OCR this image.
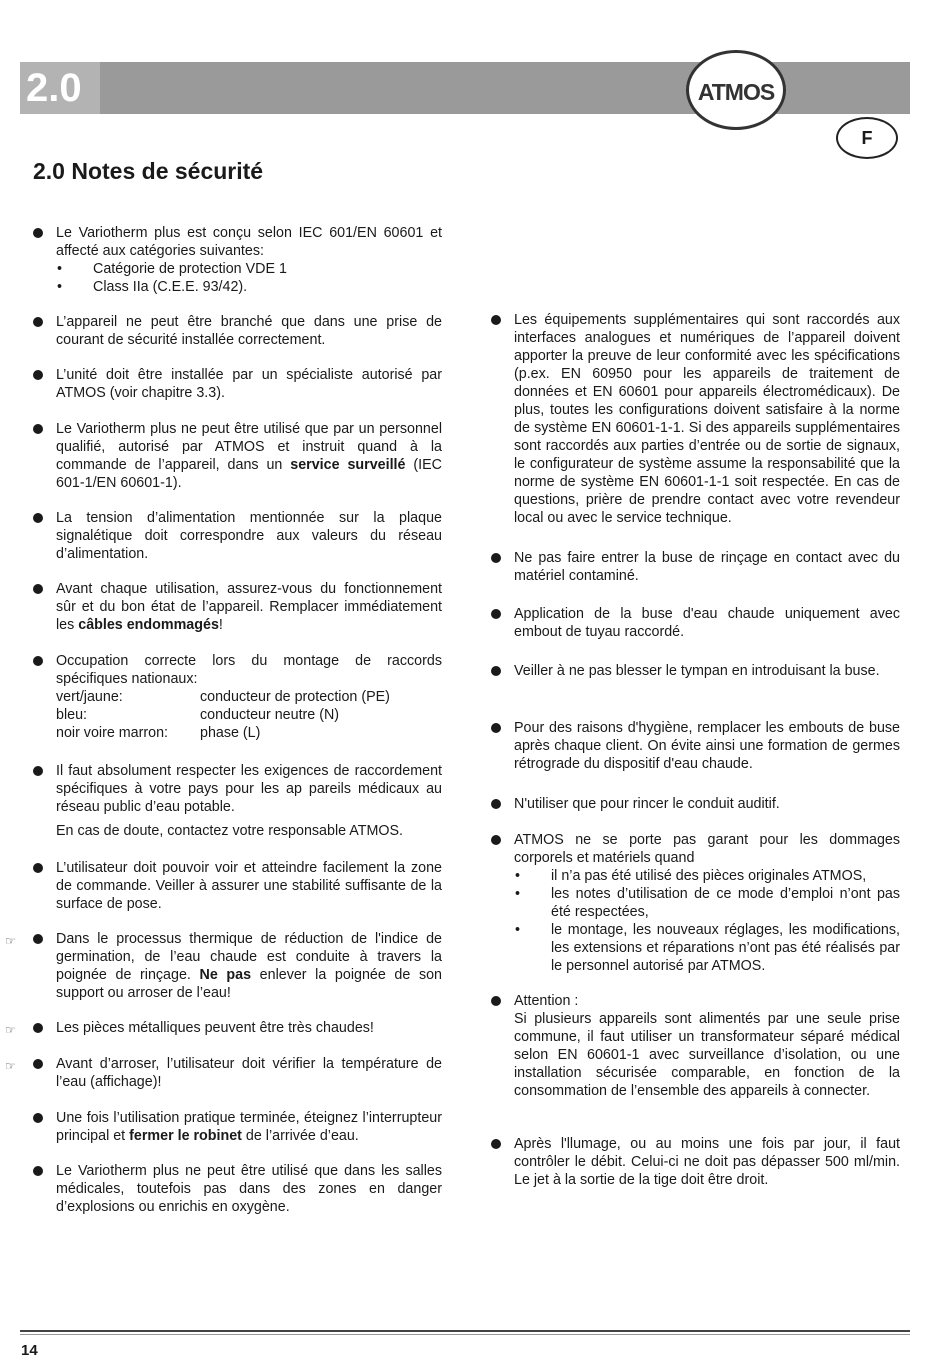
2.0	ATMOS
F
2.0 Notes de sécurité

Le Variotherm plus est conçu selon IEC 601/EN 60601 et affecté aux catégories suivantes:

• Catégorie de protection VDE 1
• Class IIa (C.E.E. 93/42).

L’appareil ne peut être branché que dans une prise de courant de sécurité installée correctement.

L’unité doit être installée par un spécialiste autorisé par ATMOS (voir chapitre 3.3).

Le Variotherm plus ne peut être utilisé que par un personnel qualifié, autorisé par ATMOS et instruit quand à la commande de l’appareil, dans un service surveillé (IEC 601-1/EN 60601-1).

La tension d’alimentation mentionnée sur la plaque signalétique doit correspondre aux valeurs du réseau d’alimentation.

Avant chaque utilisation, assurez-vous du fonctionnement sûr et du bon état de l’appareil. Remplacer immédiatement les câbles endommagés!

Occupation correcte lors du montage de raccords spécifiques nationaux:

vert/jaune:	conducteur de protection (PE)
bleu:	conducteur neutre (N)
noir voire marron:	phase (L)

Il faut absolument respecter les exigences de raccordement spécifiques à votre pays pour les ap pareils médicaux au réseau public d’eau potable.

En cas de doute, contactez votre responsable ATMOS.

L’utilisateur doit pouvoir voir et atteindre facilement la zone de commande. Veiller à assurer une stabilité suffisante de la surface de pose.

Dans le processus thermique de réduction de l'indice de germination, de l’eau chaude est conduite à travers la poignée de rinçage. Ne pas enlever la poignée de son support ou arroser de l’eau!

Les pièces métalliques peuvent être très chaudes!

Avant d’arroser, l’utilisateur doit vérifier la température de l’eau (affichage)!

Une fois l’utilisation pratique terminée, éteignez l’interrupteur principal et fermer le robinet de l’arrivée d’eau.

Le Variotherm plus ne peut être utilisé que dans les salles médicales, toutefois pas dans des zones en danger d’explosions ou enrichis en oxygène.

Les équipements supplémentaires qui sont raccordés aux interfaces analogues et numériques de l’appareil doivent apporter la preuve de leur conformité avec les spécifications (p.ex. EN 60950 pour les appareils de traitement de données et EN 60601 pour appareils électromédicaux). De plus, toutes les configurations doivent satisfaire à la norme de système EN 60601-1-1. Si des appareils supplémentaires sont raccordés aux parties d’entrée ou de sortie de signaux, le configurateur de système assume la responsabilité que la norme de système EN 60601-1-1 soit respectée. En cas de questions, prière de prendre contact avec votre revendeur local ou avec le service technique.

Ne pas faire entrer la buse de rinçage en contact avec du matériel contaminé.

Application de la buse d'eau chaude uniquement avec embout de tuyau raccordé.

Veiller à ne pas blesser le tympan en introduisant la buse.

Pour des raisons d'hygiène, remplacer les embouts de buse après chaque client. On évite ainsi une formation de germes rétrograde du dispositif d'eau chaude.

N'utiliser que pour rincer le conduit auditif.

ATMOS ne se porte pas garant pour les dommages corporels et matériels quand

• il n’a pas été utilisé des pièces originales ATMOS,
• les notes d’utilisation de ce mode d’emploi n’ont pas été respectées,
• le montage, les nouveaux réglages, les modifications, les extensions et réparations n’ont pas été réalisés par le personnel autorisé par ATMOS.

Attention :

Si plusieurs appareils sont alimentés par une seule prise commune, il faut utiliser un transformateur séparé médical selon EN 60601-1 avec surveillance d’isolation, ou une installation sécurisée comparable, en fonction de la consommation de l’ensemble des appareils à connecter.

Après l'llumage, ou au moins une fois par jour, il faut contrôler le débit. Celui-ci ne doit pas dépasser 500 ml/min. Le jet à la sortie de la tige doit être droit.

14
☞
☞
☞
